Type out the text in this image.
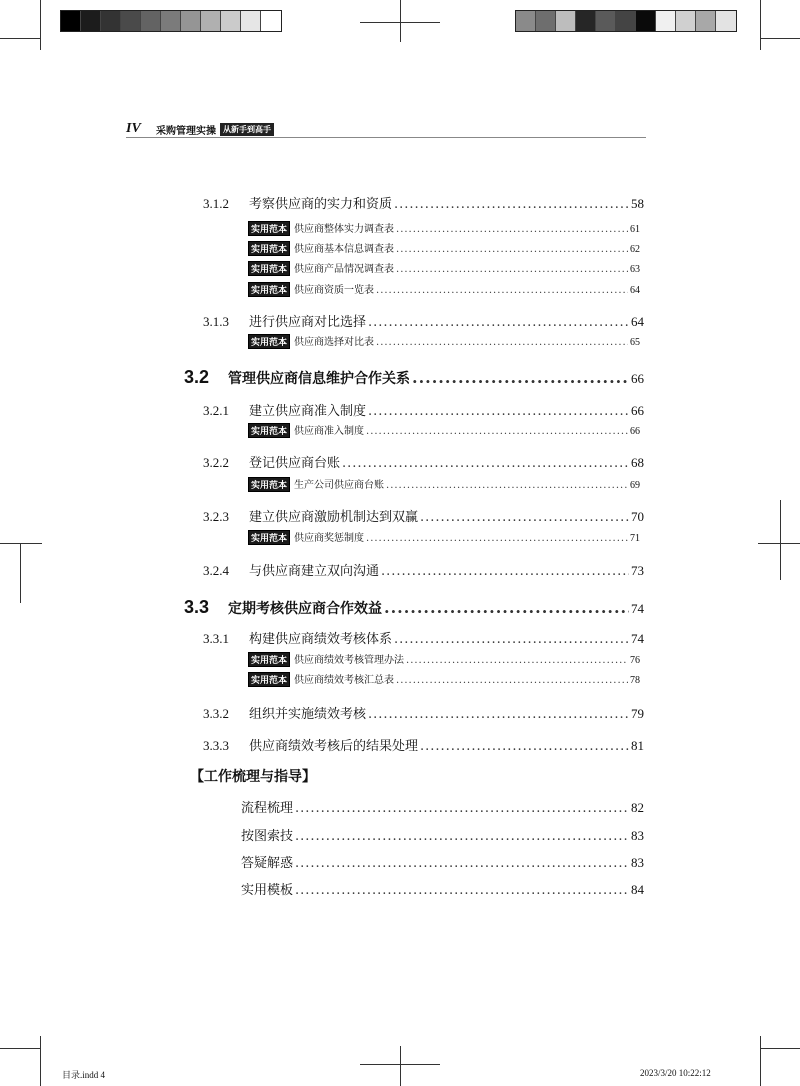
IV	采购管理实操 从新手到高手
3.1.2	考察供应商的实力和资质 .....	58
实用范本 供应商整体实力调查表 .....	61
实用范本 供应商基本信息调查表 .....	62
实用范本 供应商产品情况调查表 .....	63
实用范本 供应商资质一览表 .....	64
3.1.3	进行供应商对比选择 .....	64
实用范本 供应商选择对比表 .....	65
3.2	管理供应商信息维护合作关系 .....	66
3.2.1	建立供应商准入制度 .....	66
实用范本 供应商准入制度 .....	66
3.2.2	登记供应商台账 .....	68
实用范本 生产公司供应商台账 .....	69
3.2.3	建立供应商激励机制达到双赢 .....	70
实用范本 供应商奖惩制度 .....	71
3.2.4	与供应商建立双向沟通 .....	73
3.3	定期考核供应商合作效益 .....	74
3.3.1	构建供应商绩效考核体系 .....	74
实用范本 供应商绩效考核管理办法 .....	76
实用范本 供应商绩效考核汇总表 .....	78
3.3.2	组织并实施绩效考核 .....	79
3.3.3	供应商绩效考核后的结果处理 .....	81
【工作梳理与指导】
流程梳理 .....	82
按图索技 .....	83
答疑解惑 .....	83
实用模板 .....	84
目录.indd 4	2023/3/20 10:22:12
